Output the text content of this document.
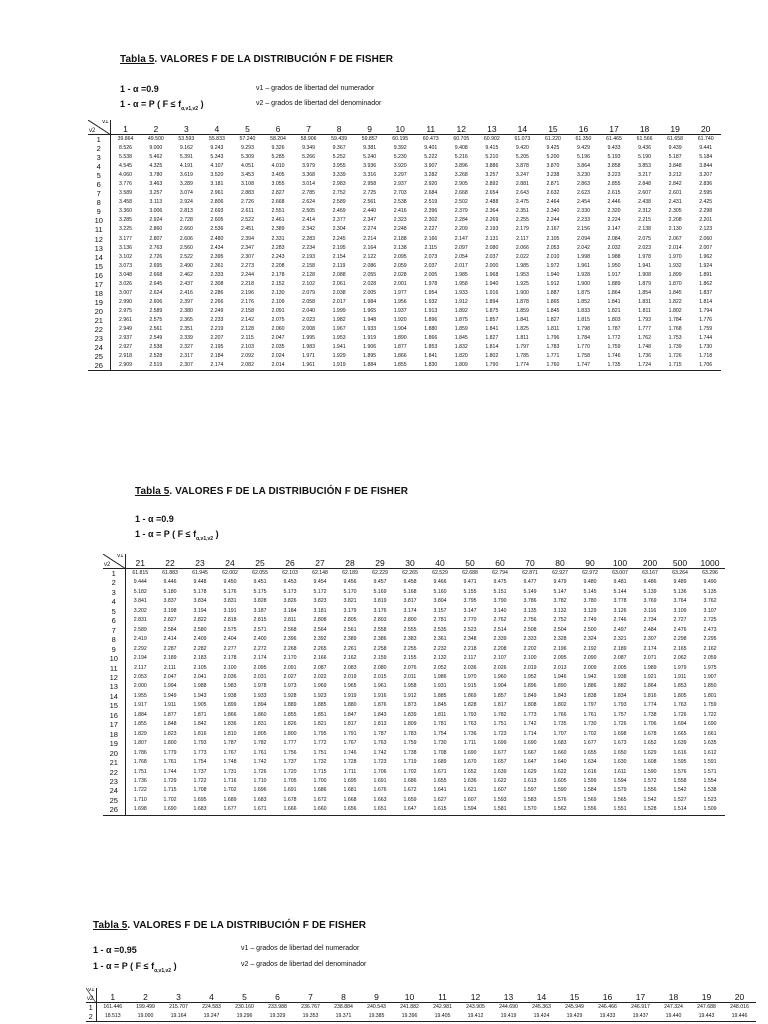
Tabla 5. VALORES F DE LA DISTRIBUCIÓN F DE FISHER
1 - α =0.9
1 - α = P ( $F \le f_{\alpha,\nu 1,\nu 2}$ )
ν1 – grados de libertad del numerador
ν2 – grados de libertad del denominador
ν1
ν2	1	2	3	4	5	6	7	8	9	10	11	12	13	14	15	16	17	18	19	20
1	39.864	49.500	53.593	55.833	57.240	58.204	58.906	59.439	59.857	60.195	60.473	60.705	60.902	61.073	61.220	61.350	61.465	61.566	61.658	61.740
2	8.526	9.000	9.162	9.243	9.293	9.326	9.349	9.367	9.381	9.392	9.401	9.408	9.415	9.420	9.425	9.429	9.433	9.436	9.439	9.441
3	5.538	5.462	5.391	5.343	5.309	5.285	5.266	5.252	5.240	5.230	5.222	5.216	5.210	5.205	5.200	5.196	5.193	5.190	5.187	5.184
4	4.545	4.325	4.191	4.107	4.051	4.010	3.979	3.955	3.936	3.920	3.907	3.896	3.886	3.878	3.870	3.864	3.858	3.853	3.848	3.844
5	4.060	3.780	3.619	3.520	3.453	3.405	3.368	3.339	3.316	3.297	3.282	3.268	3.257	3.247	3.238	3.230	3.223	3.217	3.212	3.207
6	3.776	3.463	3.289	3.181	3.108	3.055	3.014	2.983	2.958	2.937	2.920	2.905	2.892	2.881	2.871	2.863	2.855	2.848	2.842	2.836
7	3.589	3.257	3.074	2.961	2.883	2.827	2.785	2.752	2.725	2.703	2.684	2.668	2.654	2.643	2.632	2.623	2.615	2.607	2.601	2.595
8	3.458	3.113	2.924	2.806	2.726	2.668	2.624	2.589	2.561	2.538	2.519	2.502	2.488	2.475	2.464	2.454	2.446	2.438	2.431	2.425
9	3.360	3.006	2.813	2.693	2.611	2.551	2.505	2.469	2.440	2.416	2.396	2.379	2.364	2.351	2.340	2.330	2.320	2.312	2.305	2.298
10	3.285	2.924	2.728	2.605	2.522	2.461	2.414	2.377	2.347	2.323	2.302	2.284	2.269	2.255	2.244	2.233	2.224	2.215	2.208	2.201
11	3.225	2.860	2.660	2.536	2.451	2.389	2.342	2.304	2.274	2.248	2.227	2.209	2.193	2.179	2.167	2.156	2.147	2.138	2.130	2.123
12	3.177	2.807	2.606	2.480	2.394	2.331	2.283	2.245	2.214	2.188	2.166	2.147	2.131	2.117	2.105	2.094	2.084	2.075	2.067	2.060
13	3.136	2.763	2.560	2.434	2.347	2.283	2.234	2.195	2.164	2.138	2.115	2.097	2.080	2.066	2.053	2.042	2.032	2.023	2.014	2.007
14	3.102	2.726	2.522	2.395	2.307	2.243	2.193	2.154	2.122	2.095	2.073	2.054	2.037	2.022	2.010	1.998	1.988	1.978	1.970	1.962
15	3.073	2.695	2.490	2.361	2.273	2.208	2.158	2.119	2.086	2.059	2.037	2.017	2.000	1.985	1.972	1.961	1.950	1.941	1.932	1.924
16	3.048	2.668	2.462	2.333	2.244	2.178	2.128	2.088	2.055	2.028	2.005	1.985	1.968	1.953	1.940	1.928	1.917	1.908	1.899	1.891
17	3.026	2.645	2.437	2.308	2.218	2.152	2.102	2.061	2.028	2.001	1.978	1.958	1.940	1.925	1.912	1.900	1.889	1.879	1.870	1.862
18	3.007	2.624	2.416	2.286	2.196	2.130	2.079	2.038	2.005	1.977	1.954	1.933	1.916	1.900	1.887	1.875	1.864	1.854	1.845	1.837
19	2.990	2.606	2.397	2.266	2.176	2.109	2.058	2.017	1.984	1.956	1.932	1.912	1.894	1.878	1.865	1.852	1.841	1.831	1.822	1.814
20	2.975	2.589	2.380	2.249	2.158	2.091	2.040	1.999	1.965	1.937	1.913	1.892	1.875	1.859	1.845	1.833	1.821	1.811	1.802	1.794
21	2.961	2.575	2.365	2.233	2.142	2.075	2.023	1.982	1.948	1.920	1.896	1.875	1.857	1.841	1.827	1.815	1.803	1.793	1.784	1.776
22	2.949	2.561	2.351	2.219	2.128	2.060	2.008	1.967	1.933	1.904	1.880	1.859	1.841	1.825	1.811	1.798	1.787	1.777	1.768	1.759
23	2.937	2.549	2.339	2.207	2.115	2.047	1.995	1.953	1.919	1.890	1.866	1.845	1.827	1.811	1.796	1.784	1.772	1.762	1.753	1.744
24	2.927	2.538	2.327	2.195	2.103	2.035	1.983	1.941	1.906	1.877	1.853	1.832	1.814	1.797	1.783	1.770	1.759	1.748	1.739	1.730
25	2.918	2.528	2.317	2.184	2.092	2.024	1.971	1.929	1.895	1.866	1.841	1.820	1.802	1.785	1.771	1.758	1.746	1.736	1.726	1.718
26	2.909	2.519	2.307	2.174	2.082	2.014	1.961	1.919	1.884	1.855	1.830	1.809	1.790	1.774	1.760	1.747	1.735	1.724	1.715	1.706
Tabla 5. VALORES F DE LA DISTRIBUCIÓN F DE FISHER
1 - α =0.9
1 - α = P ( $F \le f_{\alpha,\nu 1,\nu 2}$ )
ν1
ν2	21	22	23	24	25	26	27	28	29	30	40	50	60	70	80	90	100	200	500	1000
1	61.815	61.883	61.945	62.002	62.055	62.103	62.148	62.189	62.229	62.265	62.529	62.688	62.794	62.871	62.927	62.972	63.007	63.167	63.264	63.296
2	9.444	9.446	9.448	9.450	9.451	9.453	9.454	9.456	9.457	9.458	9.466	9.471	9.475	9.477	9.479	9.480	9.481	9.486	9.489	9.490
3	5.182	5.180	5.178	5.176	5.175	5.173	5.172	5.170	5.169	5.168	5.160	5.155	5.151	5.149	5.147	5.145	5.144	5.139	5.136	5.135
4	3.841	3.837	3.834	3.831	3.828	3.826	3.823	3.821	3.819	3.817	3.804	3.795	3.790	3.786	3.782	3.780	3.778	3.769	3.764	3.762
5	3.202	3.198	3.194	3.191	3.187	3.184	3.181	3.179	3.176	3.174	3.157	3.147	3.140	3.135	3.132	3.129	3.126	3.116	3.109	3.107
6	2.831	2.827	2.822	2.818	2.815	2.811	2.808	2.805	2.803	2.800	2.781	2.770	2.762	2.756	2.752	2.749	2.746	2.734	2.727	2.725
7	2.589	2.584	2.580	2.575	2.571	2.568	2.564	2.561	2.558	2.555	2.535	2.523	2.514	2.508	2.504	2.500	2.497	2.484	2.476	2.473
8	2.419	2.414	2.409	2.404	2.400	2.396	2.392	2.389	2.386	2.383	2.361	2.348	2.339	2.333	2.328	2.324	2.321	2.307	2.298	2.295
9	2.292	2.287	2.282	2.277	2.272	2.268	2.265	2.261	2.258	2.255	2.232	2.218	2.208	2.202	2.196	2.192	2.189	2.174	2.165	2.162
10	2.194	2.189	2.183	2.178	2.174	2.170	2.166	2.162	2.159	2.155	2.132	2.117	2.107	2.100	2.095	2.090	2.087	2.071	2.062	2.059
11	2.117	2.111	2.105	2.100	2.095	2.091	2.087	2.083	2.080	2.076	2.052	2.036	2.026	2.019	2.013	2.009	2.005	1.989	1.979	1.975
12	2.053	2.047	2.041	2.036	2.031	2.027	2.022	2.019	2.015	2.011	1.986	1.970	1.960	1.952	1.946	1.942	1.938	1.921	1.911	1.907
13	2.000	1.994	1.988	1.983	1.978	1.973	1.969	1.965	1.961	1.958	1.931	1.915	1.904	1.896	1.890	1.886	1.882	1.864	1.853	1.850
14	1.955	1.949	1.943	1.938	1.933	1.928	1.923	1.919	1.916	1.912	1.885	1.869	1.857	1.849	1.843	1.838	1.834	1.816	1.805	1.801
15	1.917	1.911	1.905	1.899	1.894	1.889	1.885	1.880	1.876	1.873	1.845	1.828	1.817	1.808	1.802	1.797	1.793	1.774	1.763	1.759
16	1.884	1.877	1.871	1.866	1.860	1.855	1.851	1.847	1.843	1.839	1.811	1.793	1.782	1.773	1.766	1.761	1.757	1.738	1.726	1.722
17	1.855	1.848	1.842	1.836	1.831	1.826	1.821	1.817	1.813	1.809	1.781	1.763	1.751	1.742	1.735	1.730	1.726	1.706	1.694	1.690
18	1.829	1.823	1.816	1.810	1.805	1.800	1.795	1.791	1.787	1.783	1.754	1.736	1.723	1.714	1.707	1.702	1.698	1.678	1.665	1.661
19	1.807	1.800	1.793	1.787	1.782	1.777	1.772	1.767	1.763	1.759	1.730	1.711	1.699	1.690	1.683	1.677	1.673	1.652	1.639	1.635
20	1.786	1.779	1.773	1.767	1.761	1.756	1.751	1.746	1.742	1.738	1.708	1.690	1.677	1.667	1.660	1.655	1.650	1.629	1.616	1.612
21	1.768	1.761	1.754	1.748	1.742	1.737	1.732	1.728	1.723	1.719	1.689	1.670	1.657	1.647	1.640	1.634	1.630	1.608	1.595	1.591
22	1.751	1.744	1.737	1.731	1.726	1.720	1.715	1.711	1.706	1.702	1.671	1.652	1.639	1.629	1.622	1.616	1.611	1.590	1.576	1.571
23	1.736	1.729	1.722	1.716	1.710	1.705	1.700	1.695	1.691	1.686	1.655	1.636	1.622	1.613	1.605	1.599	1.594	1.572	1.558	1.554
24	1.722	1.715	1.708	1.702	1.696	1.691	1.686	1.681	1.676	1.672	1.641	1.621	1.607	1.597	1.590	1.584	1.579	1.556	1.542	1.538
25	1.710	1.702	1.695	1.689	1.683	1.678	1.672	1.668	1.663	1.659	1.627	1.607	1.593	1.583	1.576	1.569	1.565	1.542	1.527	1.523
26	1.698	1.690	1.683	1.677	1.671	1.666	1.660	1.656	1.651	1.647	1.615	1.594	1.581	1.570	1.562	1.556	1.551	1.528	1.514	1.509
Tabla 5. VALORES F DE LA DISTRIBUCIÓN F DE FISHER
1 - α =0.95
1 - α = P ( $F \le f_{\alpha,\nu 1,\nu 2}$ )
ν1 – grados de libertad del numerador
ν2 – grados de libertad del denominador
ν1
ν2	1	2	3	4	5	6	7	8	9	10	11	12	13	14	15	16	17	18	19	20
1	161.446	199.499	215.707	224.583	230.160	233.988	236.767	238.884	240.543	241.882	242.981	243.905	244.690	245.363	245.949	246.466	246.917	247.324	247.688	248.016
2	18.513	19.000	19.164	19.247	19.296	19.329	19.353	19.371	19.385	19.396	19.405	19.412	19.419	19.424	19.429	19.433	19.437	19.440	19.443	19.446
